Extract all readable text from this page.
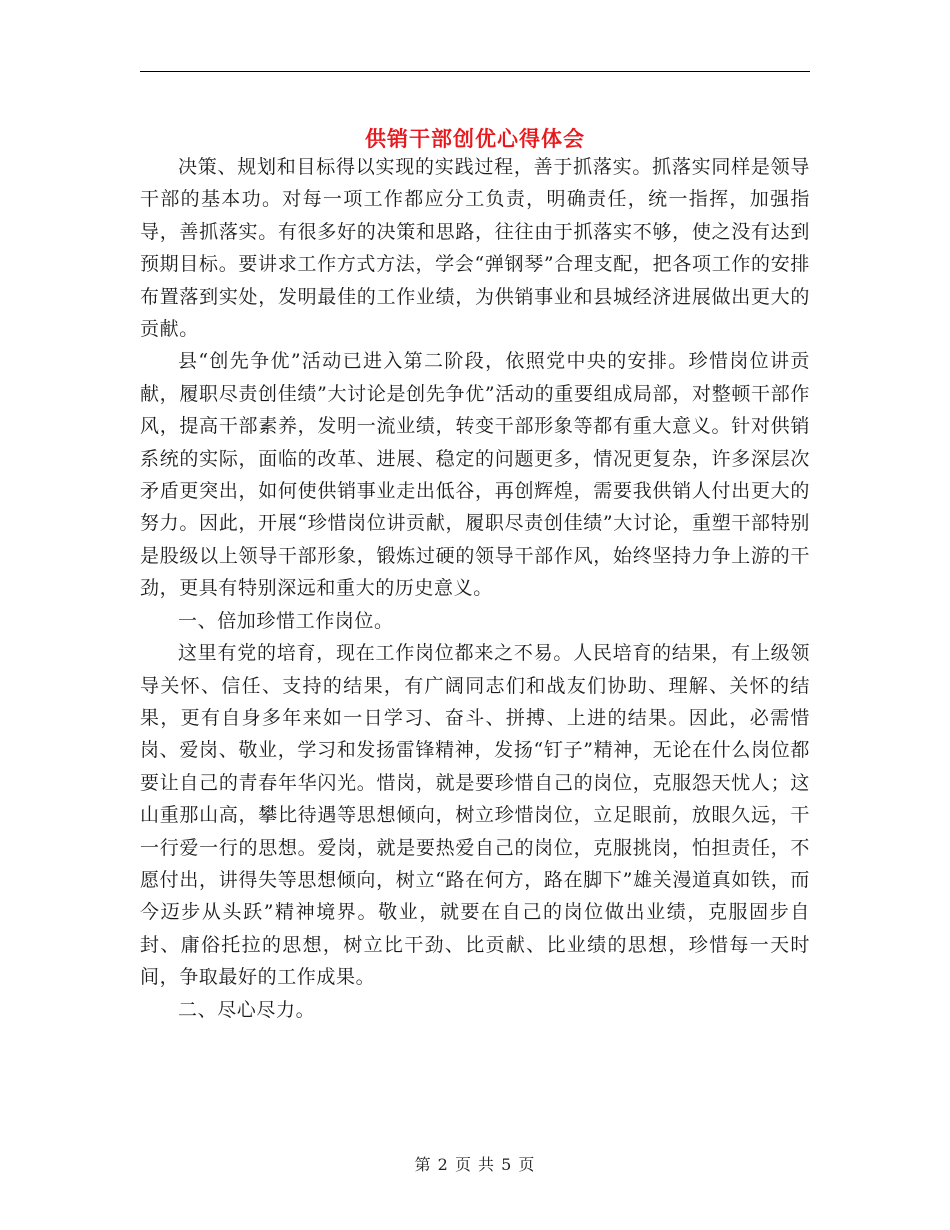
供销干部创优心得体会

决策、规划和目标得以实现的实践过程，善于抓落实。抓落实同样是领导干部的基本功。对每一项工作都应分工负责，明确责任，统一指挥，加强指导，善抓落实。有很多好的决策和思路，往往由于抓落实不够，使之没有达到预期目标。要讲求工作方式方法，学会“弹钢琴”合理支配，把各项工作的安排布置落到实处，发明最佳的工作业绩，为供销事业和县城经济进展做出更大的贡献。

县“创先争优”活动已进入第二阶段，依照党中央的安排。珍惜岗位讲贡献，履职尽责创佳绩”大讨论是创先争优”活动的重要组成局部，对整顿干部作风，提高干部素养，发明一流业绩，转变干部形象等都有重大意义。针对供销系统的实际，面临的改革、进展、稳定的问题更多，情况更复杂，许多深层次矛盾更突出，如何使供销事业走出低谷，再创辉煌，需要我供销人付出更大的努力。因此，开展“珍惜岗位讲贡献，履职尽责创佳绩”大讨论，重塑干部特别是股级以上领导干部形象，锻炼过硬的领导干部作风，始终坚持力争上游的干劲，更具有特别深远和重大的历史意义。

一、倍加珍惜工作岗位。

这里有党的培育，现在工作岗位都来之不易。人民培育的结果，有上级领导关怀、信任、支持的结果，有广阔同志们和战友们协助、理解、关怀的结果，更有自身多年来如一日学习、奋斗、拼搏、上进的结果。因此，必需惜岗、爱岗、敬业，学习和发扬雷锋精神，发扬“钉子”精神，无论在什么岗位都要让自己的青春年华闪光。惜岗，就是要珍惜自己的岗位，克服怨天忧人；这山重那山高，攀比待遇等思想倾向，树立珍惜岗位，立足眼前，放眼久远，干一行爱一行的思想。爱岗，就是要热爱自己的岗位，克服挑岗，怕担责任，不愿付出，讲得失等思想倾向，树立“路在何方，路在脚下”雄关漫道真如铁，而今迈步从头跃”精神境界。敬业，就要在自己的岗位做出业绩，克服固步自封、庸俗托拉的思想，树立比干劲、比贡献、比业绩的思想，珍惜每一天时间，争取最好的工作成果。

二、尽心尽力。

第 2 页 共 5 页
